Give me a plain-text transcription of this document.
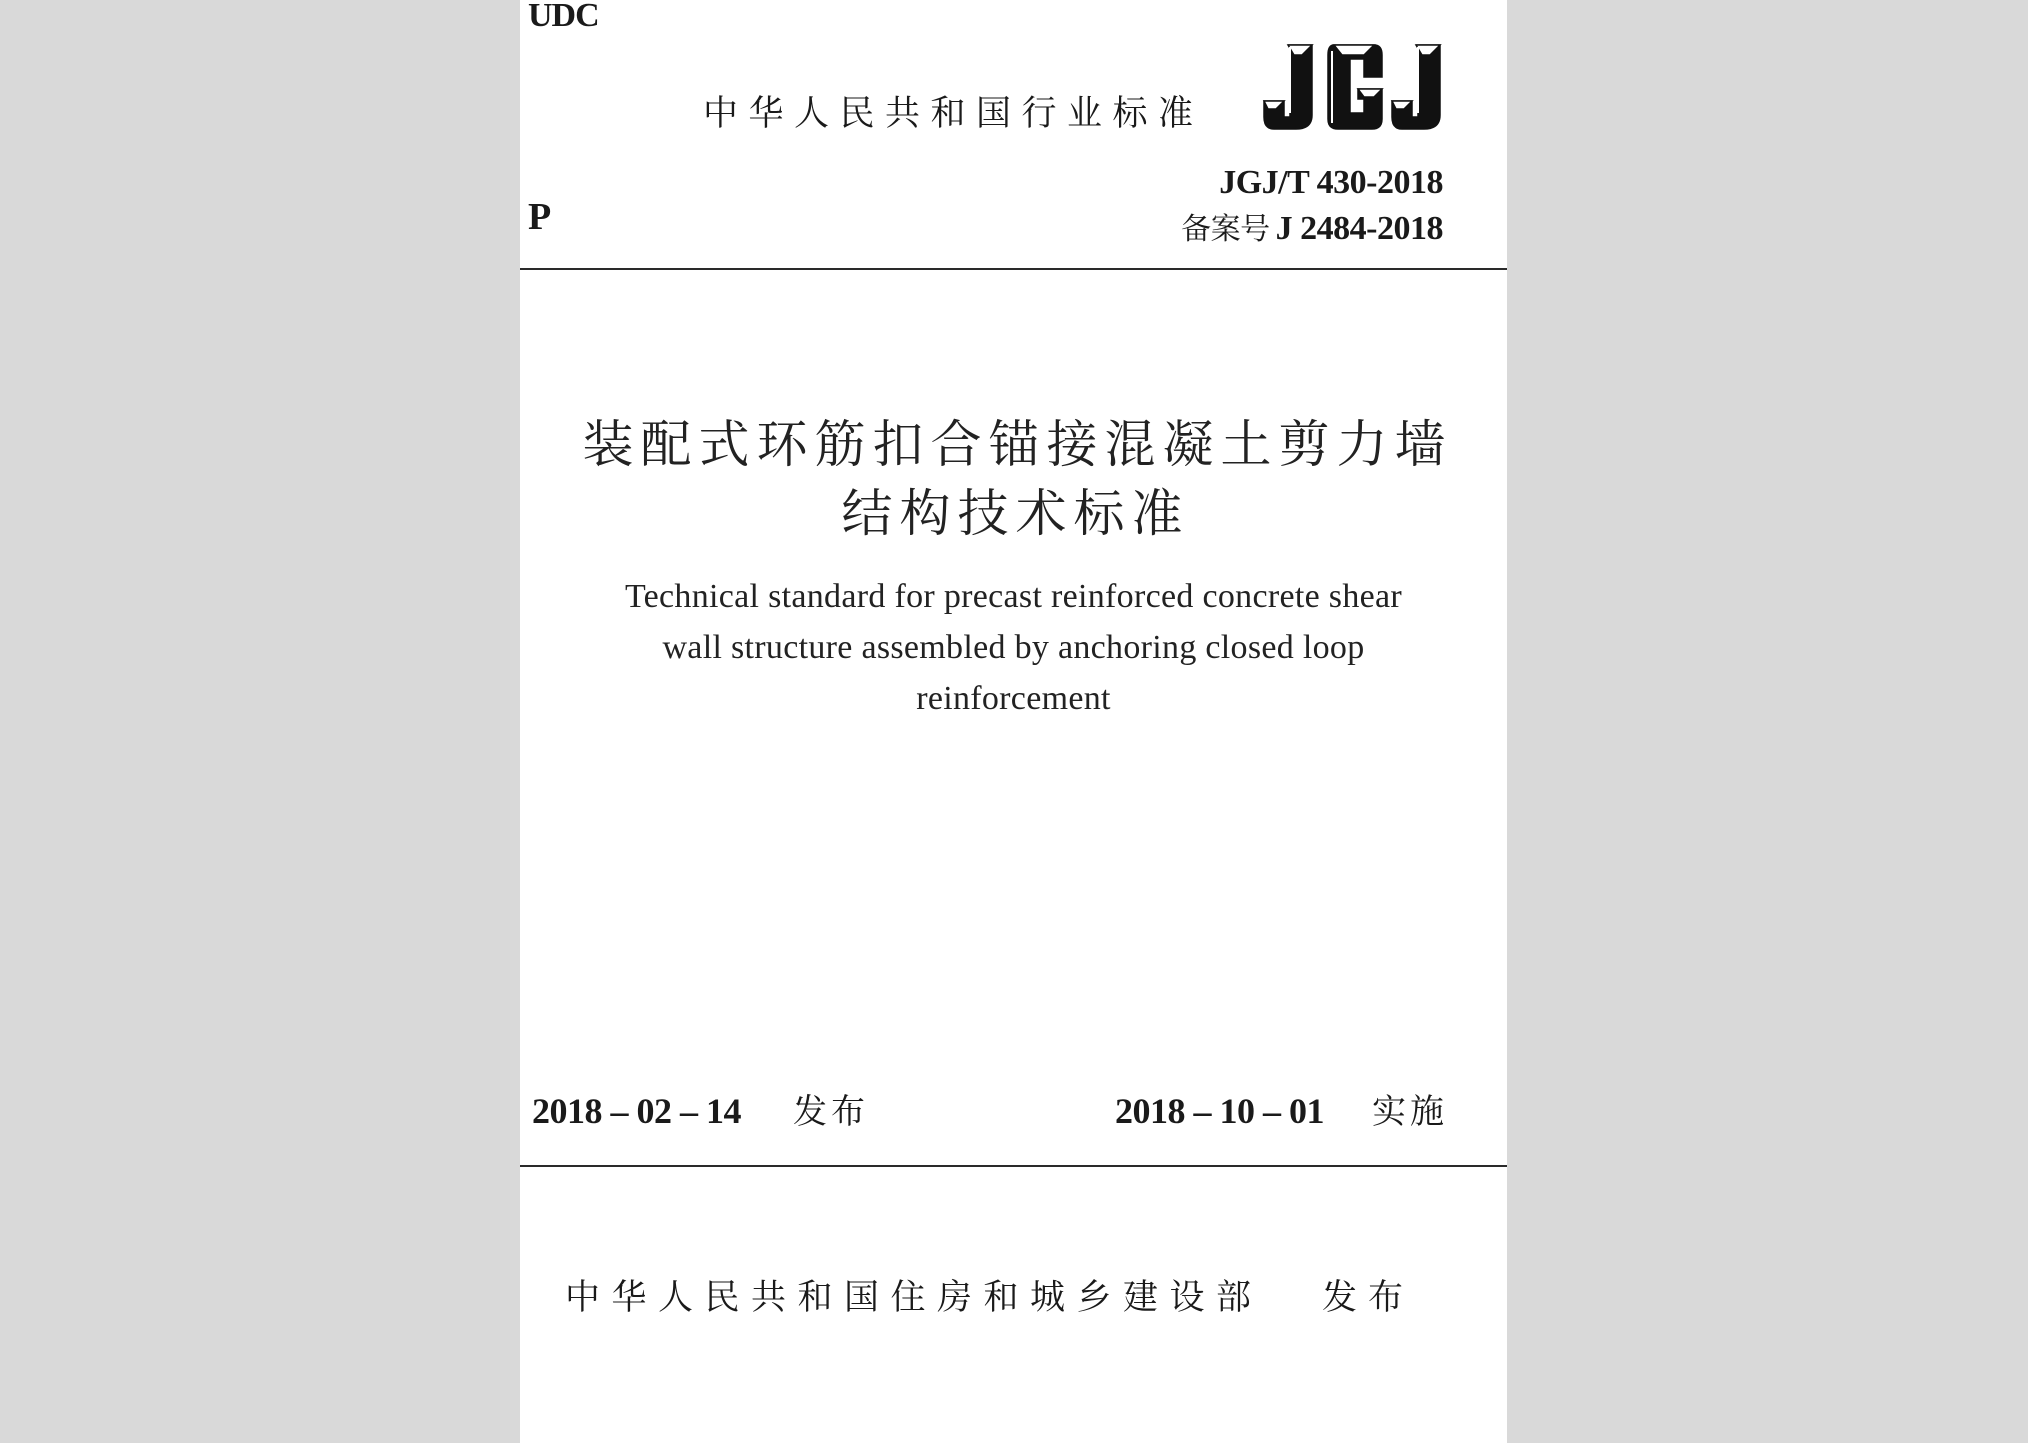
UDC
中华人民共和国行业标准
P
JGJ/T 430-2018
备案号 J 2484-2018
装配式环筋扣合锚接混凝土剪力墙
结构技术标准
Technical standard for precast reinforced concrete shear
wall structure assembled by anchoring closed loop
reinforcement
2018 – 02 – 14 发布	2018 – 10 – 01 实施
中华人民共和国住房和城乡建设部 发布
